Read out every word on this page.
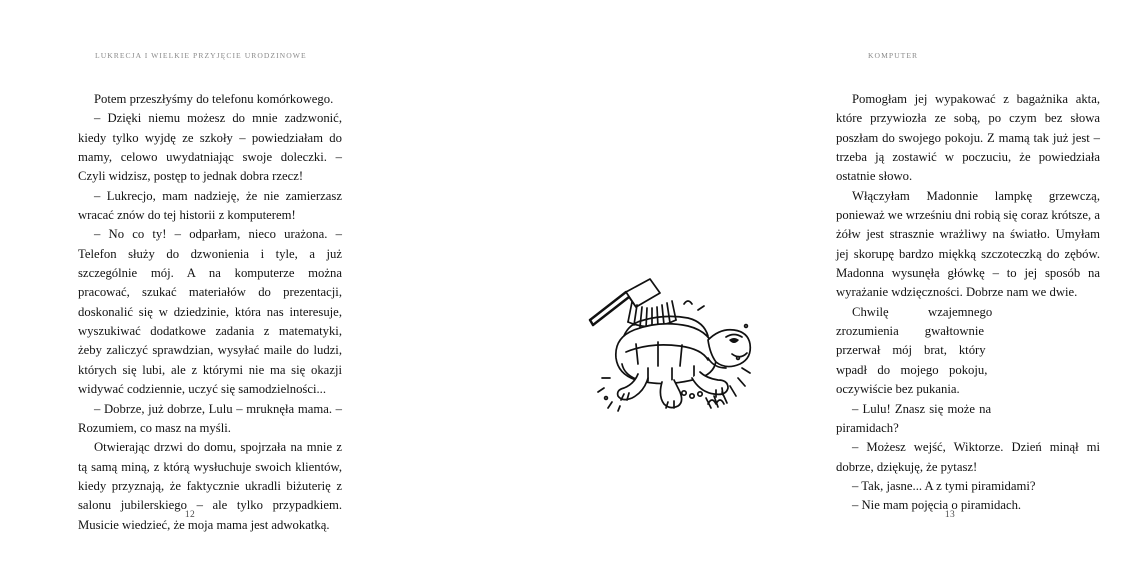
LUKRECJA I WIELKIE PRZYJĘCIE URODZINOWE

Potem przeszłyśmy do telefonu komórkowego.

– Dzięki niemu możesz do mnie zadzwonić, kiedy tylko wyjdę ze szkoły – powiedziałam do mamy, celowo uwydatniając swoje doleczki. – Czyli widzisz, postęp to jednak dobra rzecz!

– Lukrecjo, mam nadzieję, że nie zamierzasz wracać znów do tej historii z komputerem!

– No co ty! – odparłam, nieco urażona. – Telefon służy do dzwonienia i tyle, a już szczególnie mój. A na komputerze można pracować, szukać materiałów do prezentacji, doskonalić się w dziedzinie, która nas interesuje, wyszukiwać dodatkowe zadania z matematyki, żeby zaliczyć sprawdzian, wysyłać maile do ludzi, których się lubi, ale z którymi nie ma się okazji widywać codziennie, uczyć się samodzielności...

– Dobrze, już dobrze, Lulu – mruknęła mama. – Rozumiem, co masz na myśli.

Otwierając drzwi do domu, spojrzała na mnie z tą samą miną, z którą wysłuchuje swoich klientów, kiedy przyznają, że faktycznie ukradli biżuterię z salonu jubilerskiego – ale tylko przypadkiem. Musicie wiedzieć, że moja mama jest adwokatką.

12
KOMPUTER

Pomogłam jej wypakować z bagażnika akta, które przywiozła ze sobą, po czym bez słowa poszłam do swojego pokoju. Z mamą tak już jest – trzeba ją zostawić w poczuciu, że powiedziała ostatnie słowo.

Włączyłam Madonnie lampkę grzewczą, ponieważ we wrześniu dni robią się coraz krótsze, a żółw jest strasznie wrażliwy na światło. Umyłam jej skorupę bardzo miękką szczoteczką do zębów. Madonna wysunęła główkę – to jej sposób na wyrażanie wdzięczności. Dobrze nam we dwie.

Chwilę wzajemnego zrozumienia gwałtownie przerwał mój brat, który wpadł do mojego pokoju, oczywiście bez pukania.

– Lulu! Znasz się może na piramidach?

– Możesz wejść, Wiktorze. Dzień minął mi dobrze, dziękuję, że pytasz!

– Tak, jasne... A z tymi piramidami?

– Nie mam pojęcia o piramidach.

13
